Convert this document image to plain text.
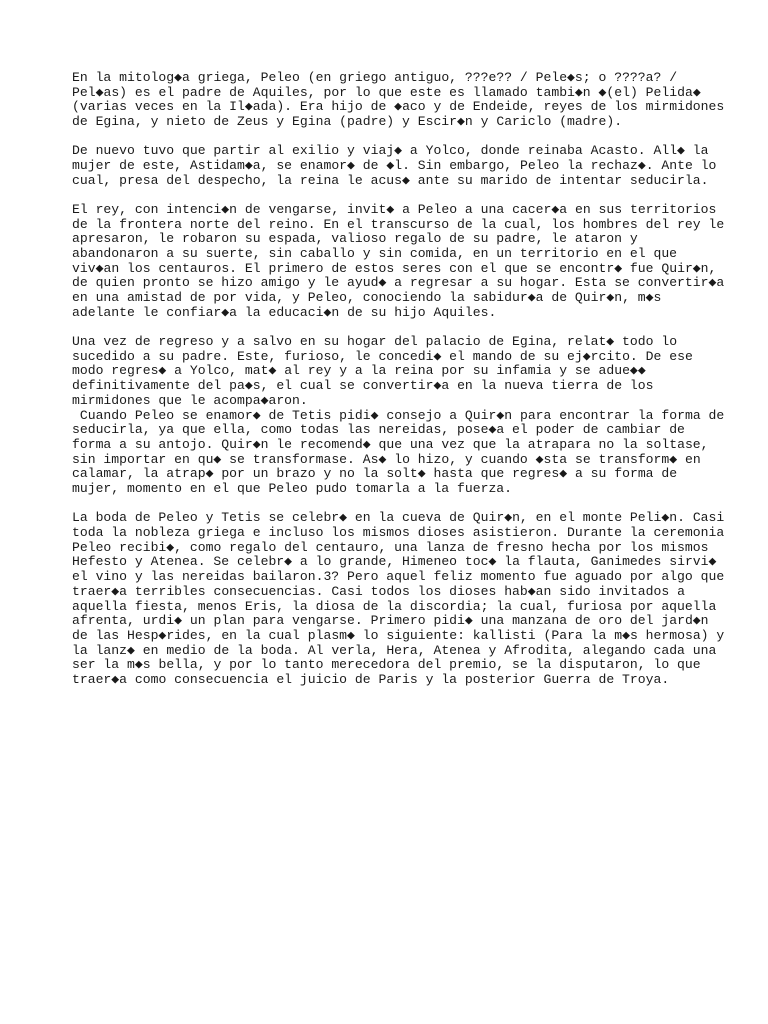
En la mitolog◆a griega, Peleo (en griego antiguo, ???e?? / Pele◆s; o ????a? /
Pel◆as) es el padre de Aquiles, por lo que este es llamado tambi◆n ◆(el) Pelida◆
(varias veces en la Il◆ada). Era hijo de ◆aco y de Endeide, reyes de los mirmidones
de Egina, y nieto de Zeus y Egina (padre) y Escir◆n y Cariclo (madre).
De nuevo tuvo que partir al exilio y viaj◆ a Yolco, donde reinaba Acasto. All◆ la
mujer de este, Astidam◆a, se enamor◆ de ◆l. Sin embargo, Peleo la rechaz◆. Ante lo
cual, presa del despecho, la reina le acus◆ ante su marido de intentar seducirla.
El rey, con intenci◆n de vengarse, invit◆ a Peleo a una cacer◆a en sus territorios
de la frontera norte del reino. En el transcurso de la cual, los hombres del rey le
apresaron, le robaron su espada, valioso regalo de su padre, le ataron y
abandonaron a su suerte, sin caballo y sin comida, en un territorio en el que
viv◆an los centauros. El primero de estos seres con el que se encontr◆ fue Quir◆n,
de quien pronto se hizo amigo y le ayud◆ a regresar a su hogar. Esta se convertir◆a
en una amistad de por vida, y Peleo, conociendo la sabidur◆a de Quir◆n, m◆s
adelante le confiar◆a la educaci◆n de su hijo Aquiles.
Una vez de regreso y a salvo en su hogar del palacio de Egina, relat◆ todo lo
sucedido a su padre. Este, furioso, le concedi◆ el mando de su ej◆rcito. De ese
modo regres◆ a Yolco, mat◆ al rey y a la reina por su infamia y se adue◆◆
definitivamente del pa◆s, el cual se convertir◆a en la nueva tierra de los
mirmidones que le acompa◆aron.
Cuando Peleo se enamor◆ de Tetis pidi◆ consejo a Quir◆n para encontrar la forma de
seducirla, ya que ella, como todas las nereidas, pose◆a el poder de cambiar de
forma a su antojo. Quir◆n le recomend◆ que una vez que la atrapara no la soltase,
sin importar en qu◆ se transformase. As◆ lo hizo, y cuando ◆sta se transform◆ en
calamar, la atrap◆ por un brazo y no la solt◆ hasta que regres◆ a su forma de
mujer, momento en el que Peleo pudo tomarla a la fuerza.
La boda de Peleo y Tetis se celebr◆ en la cueva de Quir◆n, en el monte Peli◆n. Casi
toda la nobleza griega e incluso los mismos dioses asistieron. Durante la ceremonia
Peleo recibi◆, como regalo del centauro, una lanza de fresno hecha por los mismos
Hefesto y Atenea. Se celebr◆ a lo grande, Himeneo toc◆ la flauta, Ganimedes sirvi◆
el vino y las nereidas bailaron.3? Pero aquel feliz momento fue aguado por algo que
traer◆a terribles consecuencias. Casi todos los dioses hab◆an sido invitados a
aquella fiesta, menos Eris, la diosa de la discordia; la cual, furiosa por aquella
afrenta, urdi◆ un plan para vengarse. Primero pidi◆ una manzana de oro del jard◆n
de las Hesp◆rides, en la cual plasm◆ lo siguiente: kallisti (Para la m◆s hermosa) y
la lanz◆ en medio de la boda. Al verla, Hera, Atenea y Afrodita, alegando cada una
ser la m◆s bella, y por lo tanto merecedora del premio, se la disputaron, lo que
traer◆a como consecuencia el juicio de Paris y la posterior Guerra de Troya.
